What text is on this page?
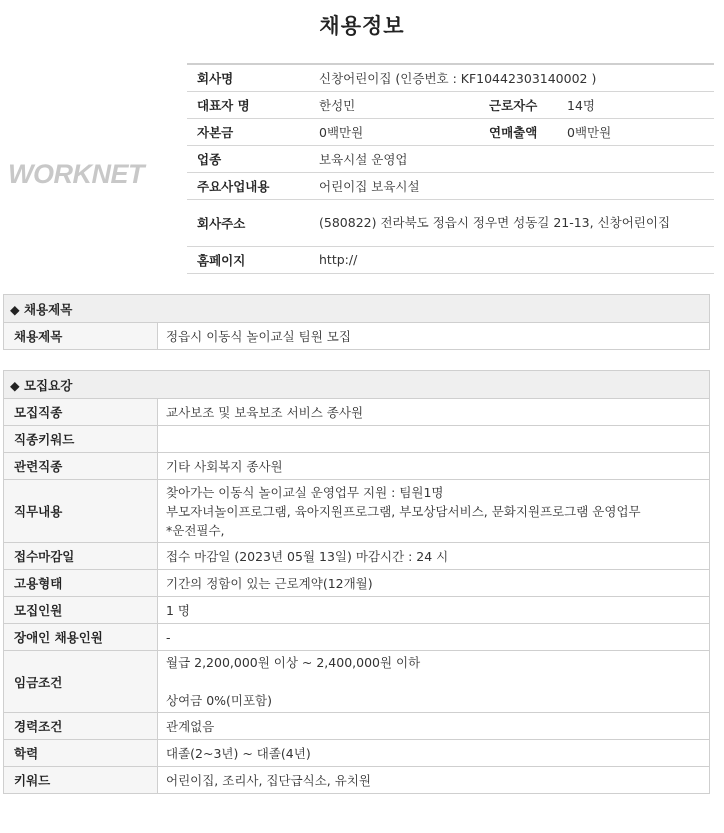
채용정보
WORKNET
회사명	신창어린이집 (인증번호 : KF10442303140002 )		
대표자 명	한성민	근로자수	14명
자본금	0백만원	연매출액	0백만원
업종	보육시설 운영업		
주요사업내용	어린이집 보육시설		
회사주소	(580822) 전라북도 정읍시 정우면 성동길 21-13, 신창어린이집		
홈페이지	http://		
◆ 채용제목
채용제목	정읍시 이동식 놀이교실 팀원 모집
◆ 모집요강	
모집직종	교사보조 및 보육보조 서비스 종사원
직종키워드	
관련직종	기타 사회복지 종사원
직무내용	찾아가는 이동식 놀이교실 운영업무 지원 : 팀원1명
부모자녀놀이프로그램, 육아지원프로그램, 부모상담서비스, 문화지원프로그램 운영업무
*운전필수,

접수마감일	접수 마감일 (2023년 05월 13일) 마감시간 : 24 시
고용형태	기간의 정함이 있는 근로계약(12개월)
모집인원	1 명
장애인 채용인원	-
임금조건	월급 2,200,000원 이상 ~ 2,400,000원 이하
상여금 0%(미포함)

경력조건	관계없음
학력	대졸(2~3년) ~ 대졸(4년)
키워드	어린이집, 조리사, 집단급식소, 유치원
